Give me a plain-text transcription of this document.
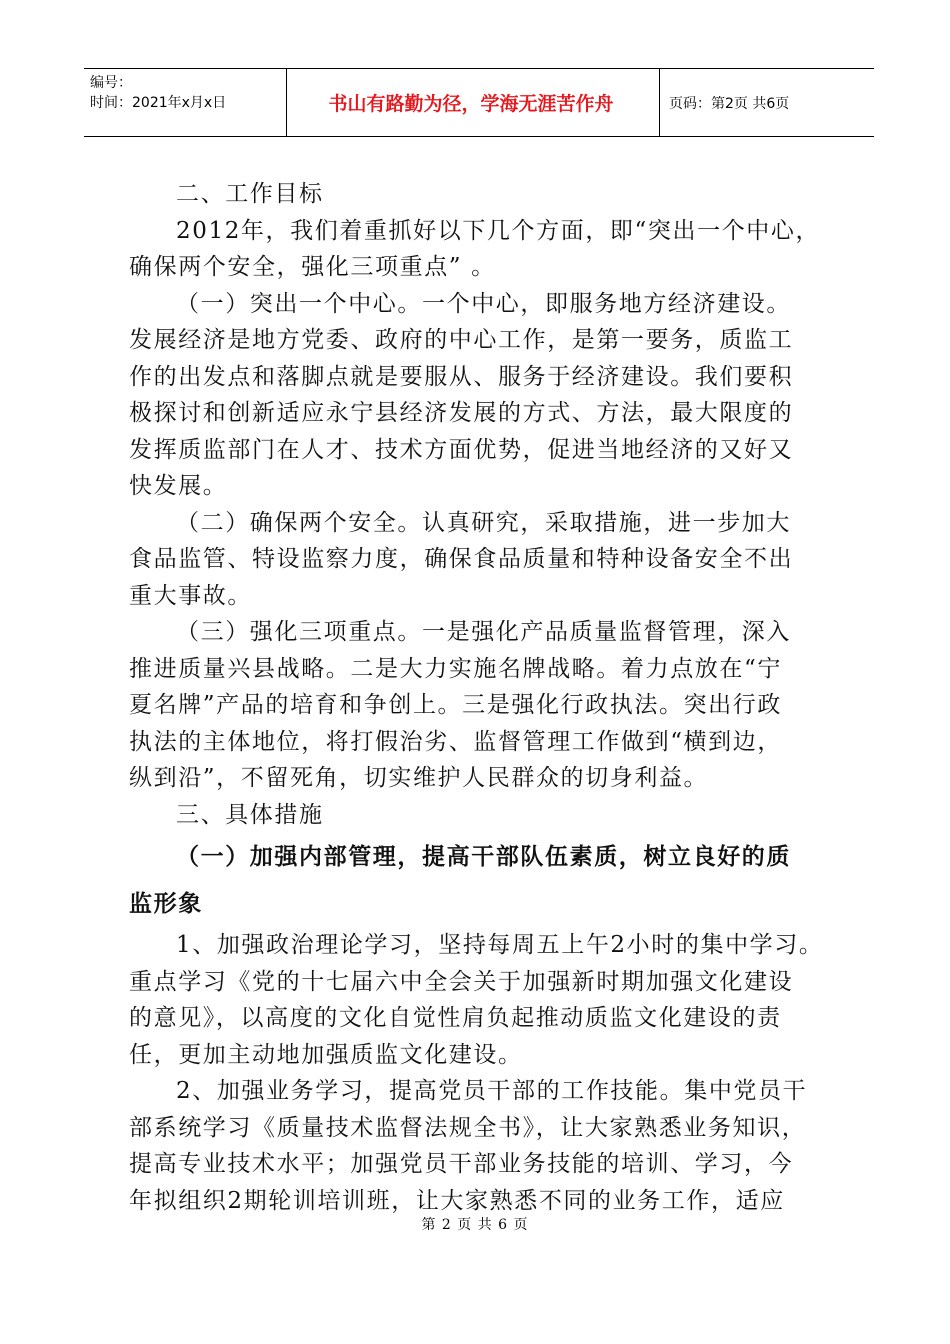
编号：
时间：2021年x月x日	书山有路勤为径，学海无涯苦作舟	页码：第2页 共6页
二、工作目标
2012年，我们着重抓好以下几个方面，即“突出一个中心，
确保两个安全，强化三项重点” 。
（一）突出一个中心。一个中心，即服务地方经济建设。
发展经济是地方党委、政府的中心工作，是第一要务，质监工
作的出发点和落脚点就是要服从、服务于经济建设。我们要积
极探讨和创新适应永宁县经济发展的方式、方法，最大限度的
发挥质监部门在人才、技术方面优势，促进当地经济的又好又
快发展。
（二）确保两个安全。认真研究，采取措施，进一步加大
食品监管、特设监察力度，确保食品质量和特种设备安全不出
重大事故。
（三）强化三项重点。一是强化产品质量监督管理，深入
推进质量兴县战略。二是大力实施名牌战略。着力点放在“宁
夏名牌”产品的培育和争创上。三是强化行政执法。突出行政
执法的主体地位，将打假治劣、监督管理工作做到“横到边，
纵到沿”，不留死角，切实维护人民群众的切身利益。
三、具体措施
（一）加强内部管理，提高干部队伍素质，树立良好的质
监形象
1、加强政治理论学习，坚持每周五上午2小时的集中学习。
重点学习《党的十七届六中全会关于加强新时期加强文化建设
的意见》，以高度的文化自觉性肩负起推动质监文化建设的责
任，更加主动地加强质监文化建设。
2、加强业务学习，提高党员干部的工作技能。集中党员干
部系统学习《质量技术监督法规全书》，让大家熟悉业务知识，
提高专业技术水平；加强党员干部业务技能的培训、学习，今
年拟组织2期轮训培训班，让大家熟悉不同的业务工作，适应
第 2 页 共 6 页
